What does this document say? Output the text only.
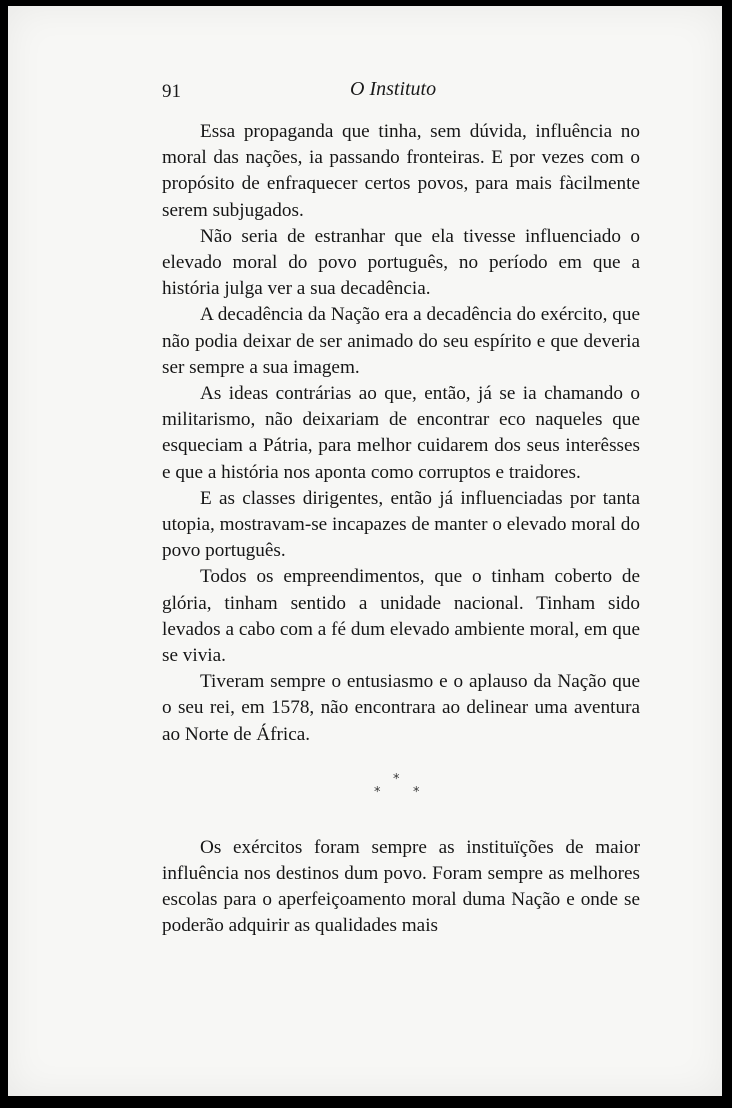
91	O Instituto

Essa propaganda que tinha, sem dúvida, influência no moral das nações, ia passando fronteiras. E por vezes com o propósito de enfraquecer certos povos, para mais fàcilmente serem subjugados.

Não seria de estranhar que ela tivesse influenciado o elevado moral do povo português, no período em que a história julga ver a sua decadência.

A decadência da Nação era a decadência do exército, que não podia deixar de ser animado do seu espírito e que deveria ser sempre a sua imagem.

As ideas contrárias ao que, então, já se ia chamando o militarismo, não deixariam de encontrar eco naqueles que esqueciam a Pátria, para melhor cuidarem dos seus interêsses e que a história nos aponta como corruptos e traidores.

E as classes dirigentes, então já influenciadas por tanta utopia, mostravam-se incapazes de manter o elevado moral do povo português.

Todos os empreendimentos, que o tinham coberto de glória, tinham sentido a unidade nacional. Tinham sido levados a cabo com a fé dum elevado ambiente moral, em que se vivia.

Tiveram sempre o entusiasmo e o aplauso da Nação que o seu rei, em 1578, não encontrara ao delinear uma aventura ao Norte de África.

*
*	*

Os exércitos foram sempre as instituïções de maior influência nos destinos dum povo. Foram sempre as melhores escolas para o aperfeiçoamento moral duma Nação e onde se poderão adquirir as qualidades mais
